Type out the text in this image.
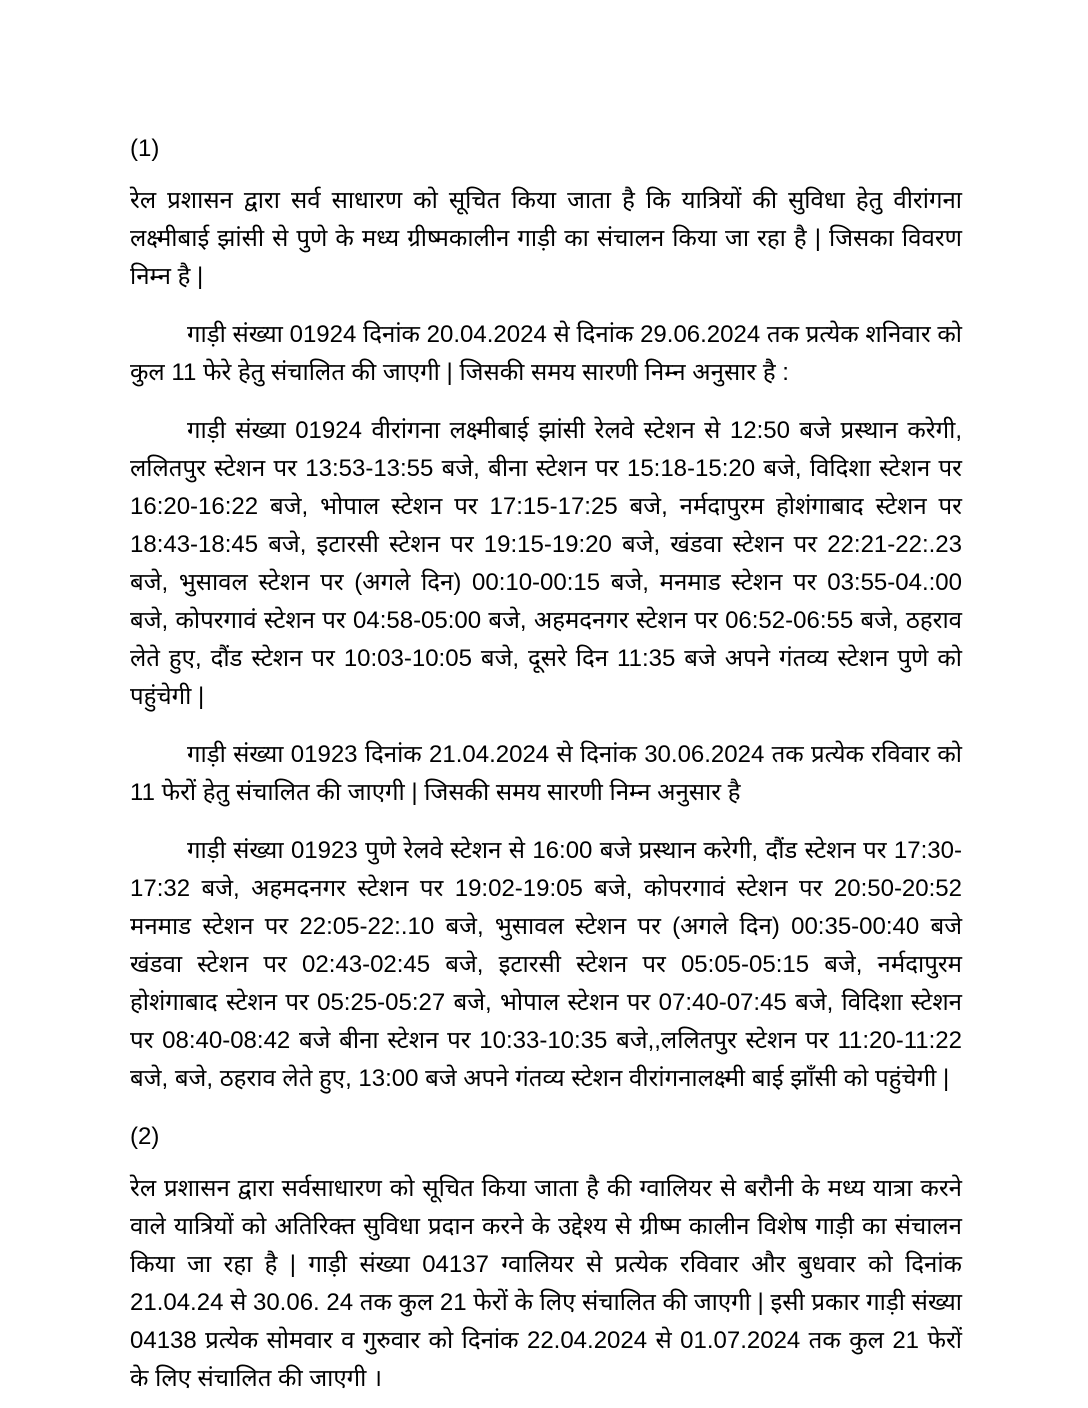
(1)

रेल प्रशासन द्वारा सर्व साधारण को सूचित किया जाता है कि यात्रियों की सुविधा हेतु वीरांगना लक्ष्मीबाई झांसी से पुणे के मध्य ग्रीष्मकालीन गाड़ी का संचालन किया जा रहा है | जिसका विवरण निम्न है |

गाड़ी संख्या 01924 दिनांक 20.04.2024 से दिनांक 29.06.2024 तक प्रत्येक शनिवार को कुल 11 फेरे हेतु संचालित की जाएगी | जिसकी समय सारणी निम्न अनुसार है :

गाड़ी संख्या 01924 वीरांगना लक्ष्मीबाई झांसी रेलवे स्टेशन से 12:50 बजे प्रस्थान करेगी, ललितपुर स्टेशन पर 13:53-13:55 बजे, बीना स्टेशन पर 15:18-15:20 बजे, विदिशा स्टेशन पर 16:20-16:22 बजे, भोपाल स्टेशन पर 17:15-17:25 बजे, नर्मदापुरम होशंगाबाद स्टेशन पर 18:43-18:45 बजे, इटारसी स्टेशन पर 19:15-19:20 बजे, खंडवा स्टेशन पर 22:21-22:.23 बजे, भुसावल स्टेशन पर (अगले दिन) 00:10-00:15 बजे, मनमाड स्टेशन पर 03:55-04.:00 बजे, कोपरगावं स्टेशन पर 04:58-05:00 बजे, अहमदनगर स्टेशन पर 06:52-06:55 बजे, ठहराव लेते हुए, दौंड स्टेशन पर 10:03-10:05 बजे, दूसरे दिन 11:35 बजे अपने गंतव्य स्टेशन पुणे को पहुंचेगी |

गाड़ी संख्या 01923 दिनांक 21.04.2024 से दिनांक 30.06.2024 तक प्रत्येक रविवार को 11 फेरों हेतु संचालित की जाएगी | जिसकी समय सारणी निम्न अनुसार है

गाड़ी संख्या 01923 पुणे रेलवे स्टेशन से 16:00 बजे प्रस्थान करेगी, दौंड स्टेशन पर 17:30-17:32 बजे, अहमदनगर स्टेशन पर 19:02-19:05 बजे, कोपरगावं स्टेशन पर 20:50-20:52 मनमाड स्टेशन पर 22:05-22:.10 बजे, भुसावल स्टेशन पर (अगले दिन) 00:35-00:40 बजे खंडवा स्टेशन पर 02:43-02:45 बजे, इटारसी स्टेशन पर 05:05-05:15 बजे, नर्मदापुरम होशंगाबाद स्टेशन पर 05:25-05:27 बजे, भोपाल स्टेशन पर 07:40-07:45 बजे, विदिशा स्टेशन पर 08:40-08:42 बजे बीना स्टेशन पर 10:33-10:35 बजे,,ललितपुर स्टेशन पर 11:20-11:22 बजे, बजे, ठहराव लेते हुए, 13:00 बजे अपने गंतव्य स्टेशन वीरांगनालक्ष्मी बाई झाँसी को पहुंचेगी |

(2)

रेल प्रशासन द्वारा सर्वसाधारण को सूचित किया जाता है की ग्वालियर से बरौनी के मध्य यात्रा करने वाले यात्रियों को अतिरिक्त सुविधा प्रदान करने के उद्देश्य से ग्रीष्म कालीन विशेष गाड़ी का संचालन किया जा रहा है | गाड़ी संख्या 04137 ग्वालियर से प्रत्येक रविवार और बुधवार को दिनांक 21.04.24 से 30.06. 24 तक कुल 21 फेरों के लिए संचालित की जाएगी | इसी प्रकार गाड़ी संख्या 04138 प्रत्येक सोमवार व गुरुवार को दिनांक 22.04.2024 से 01.07.2024 तक कुल 21 फेरों के लिए संचालित की जाएगी ।
